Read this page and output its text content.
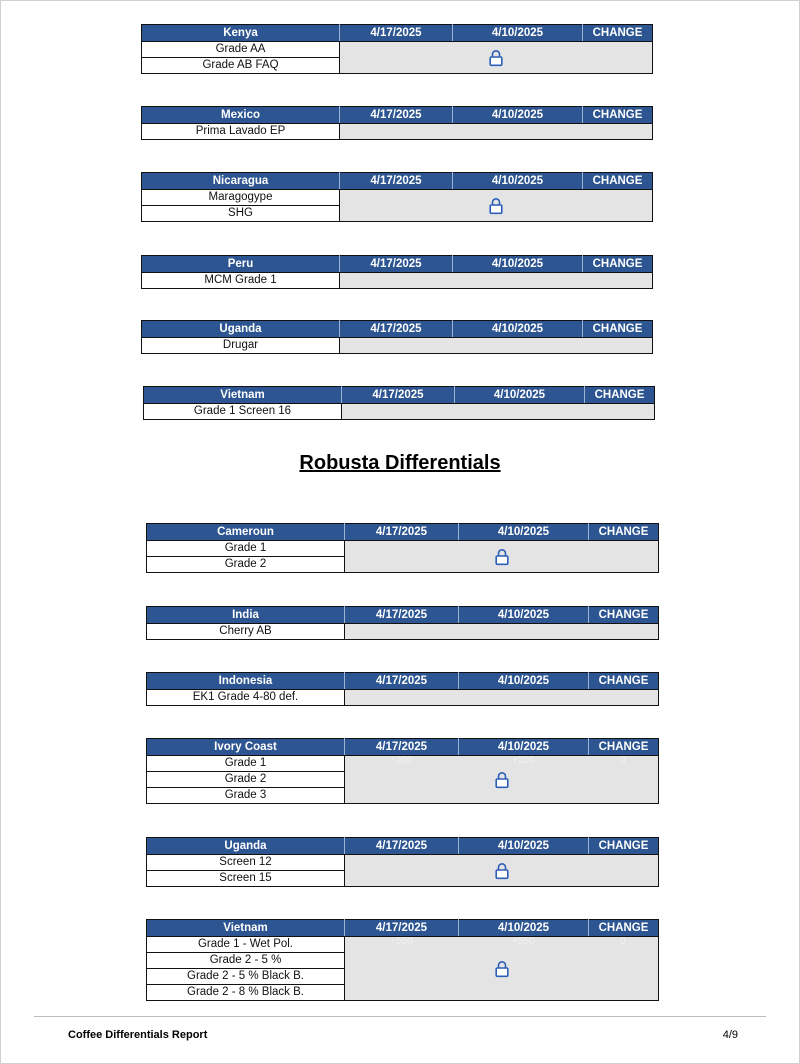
Kenya	4/17/2025	4/10/2025	CHANGE
Grade AA	

Grade AB FAQ			
Mexico	4/17/2025	4/10/2025	CHANGE
Prima Lavado EP			
Nicaragua	4/17/2025	4/10/2025	CHANGE
Maragogype	

SHG			
Peru	4/17/2025	4/10/2025	CHANGE
MCM Grade 1			
Uganda	4/17/2025	4/10/2025	CHANGE
Drugar			
Vietnam	4/17/2025	4/10/2025	CHANGE
Grade 1 Screen 16			
Cameroun	4/17/2025	4/10/2025	CHANGE
Grade 1	

Grade 2			
India	4/17/2025	4/10/2025	CHANGE
Cherry AB			
Indonesia	4/17/2025	4/10/2025	CHANGE
EK1 Grade 4-80 def.			
Ivory Coast	4/17/2025	4/10/2025	CHANGE
Grade 1	+200 +200 0		

Grade 2			
Grade 3			
Uganda	4/17/2025	4/10/2025	CHANGE
Screen 12	

Screen 15			
Vietnam	4/17/2025	4/10/2025	CHANGE
Grade 1 - Wet Pol.	+550 +550 0		

Grade 2 - 5 %			
Grade 2 - 5 % Black B.			
Grade 2 - 8 % Black B.			
Robusta Differentials
Coffee Differentials Report	4/9
